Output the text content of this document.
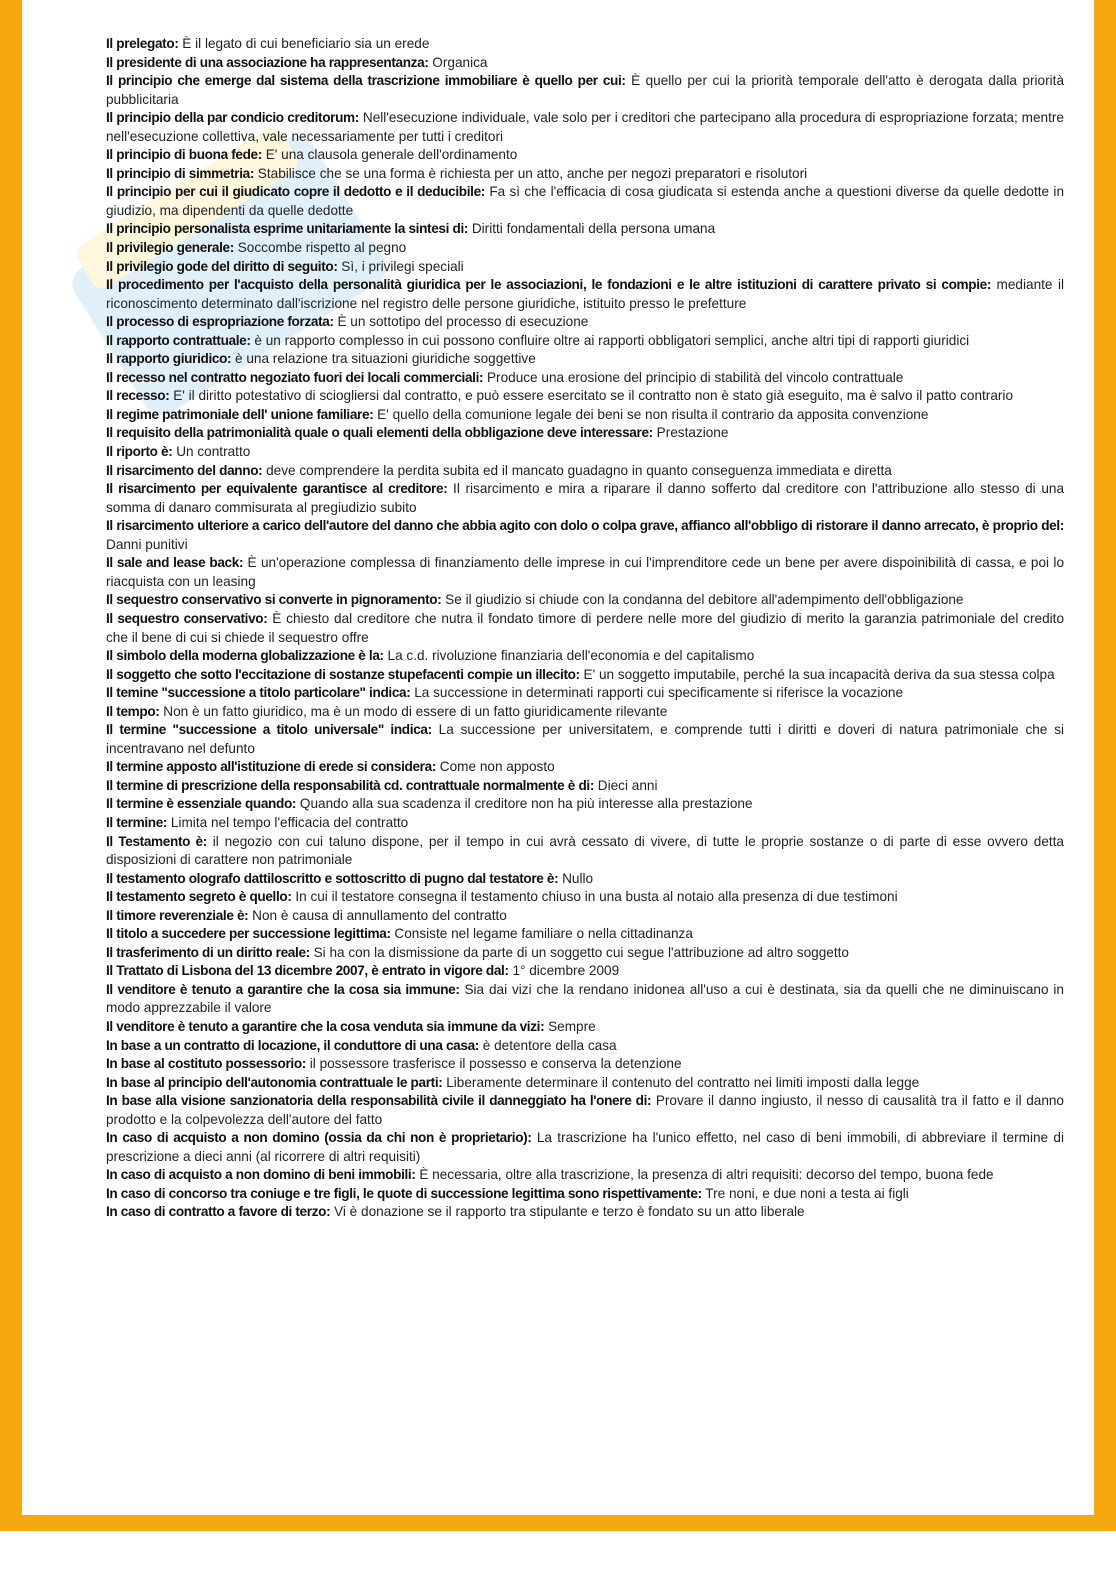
Il prelegato: È il legato di cui beneficiario sia un erede

Il presidente di una associazione ha rappresentanza: Organica

Il principio che emerge dal sistema della trascrizione immobiliare è quello per cui: È quello per cui la priorità temporale dell'atto è derogata dalla priorità pubblicitaria

Il principio della par condicio creditorum: Nell'esecuzione individuale, vale solo per i creditori che partecipano alla procedura di espropriazione forzata; mentre nell'esecuzione collettiva, vale necessariamente per tutti i creditori

Il principio di buona fede: E' una clausola generale dell'ordinamento

Il principio di simmetria: Stabilisce che se una forma è richiesta per un atto, anche per negozi preparatori e risolutori

Il principio per cui il giudicato copre il dedotto e il deducibile: Fa sì che l'efficacia di cosa giudicata si estenda anche a questioni diverse da quelle dedotte in giudizio, ma dipendenti da quelle dedotte

Il principio personalista esprime unitariamente la sintesi di: Diritti fondamentali della persona umana

Il privilegio generale: Soccombe rispetto al pegno

Il privilegio gode del diritto di seguito: Sì, i privilegi speciali

Il procedimento per l'acquisto della personalità giuridica per le associazioni, le fondazioni e le altre istituzioni di carattere privato si compie: mediante il riconoscimento determinato dall'iscrizione nel registro delle persone giuridiche, istituito presso le prefetture

Il processo di espropriazione forzata: È un sottotipo del processo di esecuzione

Il rapporto contrattuale: è un rapporto complesso in cui possono confluire oltre ai rapporti obbligatori semplici, anche altri tipi di rapporti giuridici

Il rapporto giuridico: è una relazione tra situazioni giuridiche soggettive

Il recesso nel contratto negoziato fuori dei locali commerciali: Produce una erosione del principio di stabilità del vincolo contrattuale

Il recesso: E' il diritto potestativo di sciogliersi dal contratto, e può essere esercitato se il contratto non è stato già eseguito, ma è salvo il patto contrario

Il regime patrimoniale dell' unione familiare: E' quello della comunione legale dei beni se non risulta il contrario da apposita convenzione

Il requisito della patrimonialità quale o quali elementi della obbligazione deve interessare: Prestazione

Il riporto è: Un contratto

Il risarcimento del danno: deve comprendere la perdita subita ed il mancato guadagno in quanto conseguenza immediata e diretta

Il risarcimento per equivalente garantisce al creditore: Il risarcimento e mira a riparare il danno sofferto dal creditore con l'attribuzione allo stesso di una somma di danaro commisurata al pregiudizio subito

Il risarcimento ulteriore a carico dell'autore del danno che abbia agito con dolo o colpa grave, affianco all'obbligo di ristorare il danno arrecato, è proprio del: Danni punitivi

Il sale and lease back: È un'operazione complessa di finanziamento delle imprese in cui l'imprenditore cede un bene per avere dispoinibilità di cassa, e poi lo riacquista con un leasing

Il sequestro conservativo si converte in pignoramento: Se il giudizio si chiude con la condanna del debitore all'adempimento dell'obbligazione

Il sequestro conservativo: È chiesto dal creditore che nutra il fondato timore di perdere nelle more del giudizio di merito la garanzia patrimoniale del credito che il bene di cui si chiede il sequestro offre

Il simbolo della moderna globalizzazione è la: La c.d. rivoluzione finanziaria dell'economia e del capitalismo

Il soggetto che sotto l'eccitazione di sostanze stupefacenti compie un illecito: E' un soggetto imputabile, perché la sua incapacità deriva da sua stessa colpa

Il temine "successione a titolo particolare" indica: La successione in determinati rapporti cui specificamente si riferisce la vocazione

Il tempo: Non è un fatto giuridico, ma è un modo di essere di un fatto giuridicamente rilevante

Il termine "successione a titolo universale" indica: La successione per universitatem, e comprende tutti i diritti e doveri di natura patrimoniale che si incentravano nel defunto

Il termine apposto all'istituzione di erede si considera: Come non apposto

Il termine di prescrizione della responsabilità cd. contrattuale normalmente è di: Dieci anni

Il termine è essenziale quando: Quando alla sua scadenza il creditore non ha più interesse alla prestazione

Il termine: Limita nel tempo l'efficacia del contratto

Il Testamento è: il negozio con cui taluno dispone, per il tempo in cui avrà cessato di vivere, di tutte le proprie sostanze o di parte di esse ovvero detta disposizioni di carattere non patrimoniale

Il testamento olografo dattiloscritto e sottoscritto di pugno dal testatore è: Nullo

Il testamento segreto è quello: In cui il testatore consegna il testamento chiuso in una busta al notaio alla presenza di due testimoni

Il timore reverenziale è: Non è causa di annullamento del contratto

Il titolo a succedere per successione legittima: Consiste nel legame familiare o nella cittadinanza

Il trasferimento di un diritto reale: Si ha con la dismissione da parte di un soggetto cui segue l'attribuzione ad altro soggetto

Il Trattato di Lisbona del 13 dicembre 2007, è entrato in vigore dal: 1° dicembre 2009

Il venditore è tenuto a garantire che la cosa sia immune: Sia dai vizi che la rendano inidonea all'uso a cui è destinata, sia da quelli che ne diminuiscano in modo apprezzabile il valore

Il venditore è tenuto a garantire che la cosa venduta sia immune da vizi: Sempre

In base a un contratto di locazione, il conduttore di una casa: è detentore della casa

In base al costituto possessorio: il possessore trasferisce il possesso e conserva la detenzione

In base al principio dell'autonomia contrattuale le parti: Liberamente determinare il contenuto del contratto nei limiti imposti dalla legge

In base alla visione sanzionatoria della responsabilità civile il danneggiato ha l'onere di: Provare il danno ingiusto, il nesso di causalità tra il fatto e il danno prodotto e la colpevolezza dell'autore del fatto

In caso di acquisto a non domino (ossia da chi non è proprietario): La trascrizione ha l'unico effetto, nel caso di beni immobili, di abbreviare il termine di prescrizione a dieci anni (al ricorrere di altri requisiti)

In caso di acquisto a non domino di beni immobili: È necessaria, oltre alla trascrizione, la presenza di altri requisiti: decorso del tempo, buona fede

In caso di concorso tra coniuge e tre figli, le quote di successione legittima sono rispettivamente: Tre noni, e due noni a testa ai figli

In caso di contratto a favore di terzo: Vi è donazione se il rapporto tra stipulante e terzo è fondato su un atto liberale
